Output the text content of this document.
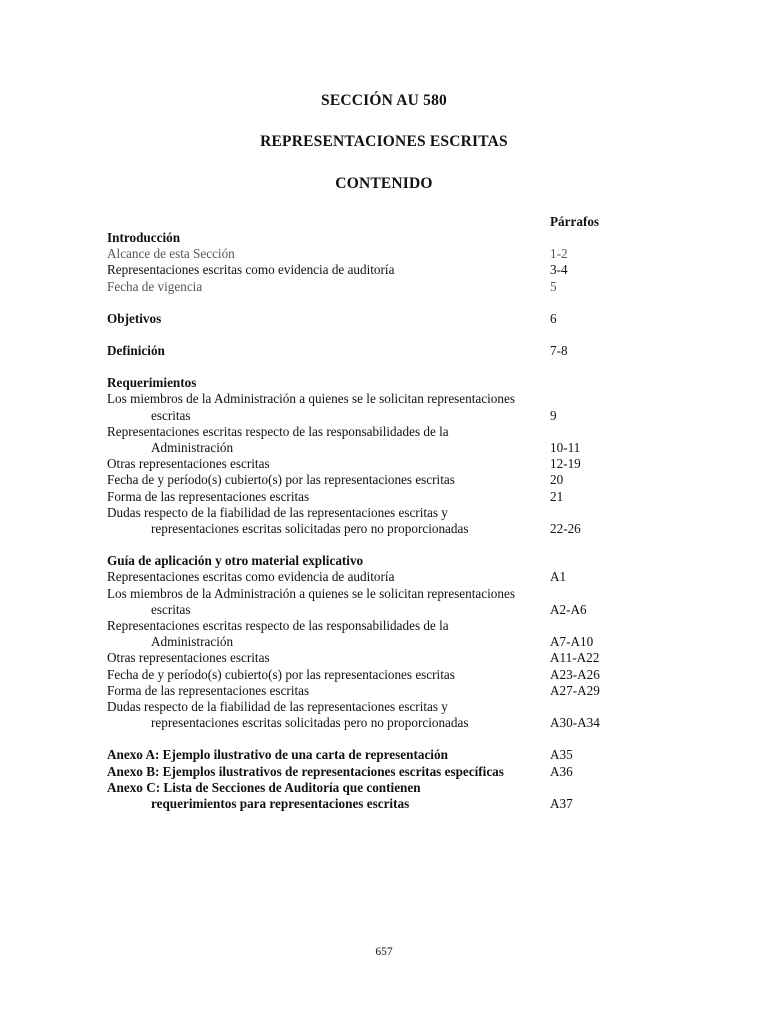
SECCIÓN AU 580
REPRESENTACIONES ESCRITAS
CONTENIDO
Párrafos
Introducción
Alcance de esta Sección	1-2
Representaciones escritas como evidencia de auditoría	3-4
Fecha de vigencia	5
Objetivos	6
Definición	7-8
Requerimientos
Los miembros de la Administración a quienes se le solicitan representaciones
escritas	9
Representaciones escritas respecto de las responsabilidades de la
Administración	10-11
Otras representaciones escritas	12-19
Fecha de y período(s) cubierto(s) por las representaciones escritas	20
Forma de las representaciones escritas	21
Dudas respecto de la fiabilidad de las representaciones escritas y
representaciones escritas solicitadas pero no proporcionadas	22-26
Guía de aplicación y otro material explicativo
Representaciones escritas como evidencia de auditoría	A1
Los miembros de la Administración a quienes se le solicitan representaciones
escritas	A2-A6
Representaciones escritas respecto de las responsabilidades de la
Administración	A7-A10
Otras representaciones escritas	A11-A22
Fecha de y período(s) cubierto(s) por las representaciones escritas	A23-A26
Forma de las representaciones escritas	A27-A29
Dudas respecto de la fiabilidad de las representaciones escritas y
representaciones escritas solicitadas pero no proporcionadas	A30-A34
Anexo A: Ejemplo ilustrativo de una carta de representación	A35
Anexo B: Ejemplos ilustrativos de representaciones escritas específicas	A36
Anexo C: Lista de Secciones de Auditoría que contienen
requerimientos para representaciones escritas	A37
657
